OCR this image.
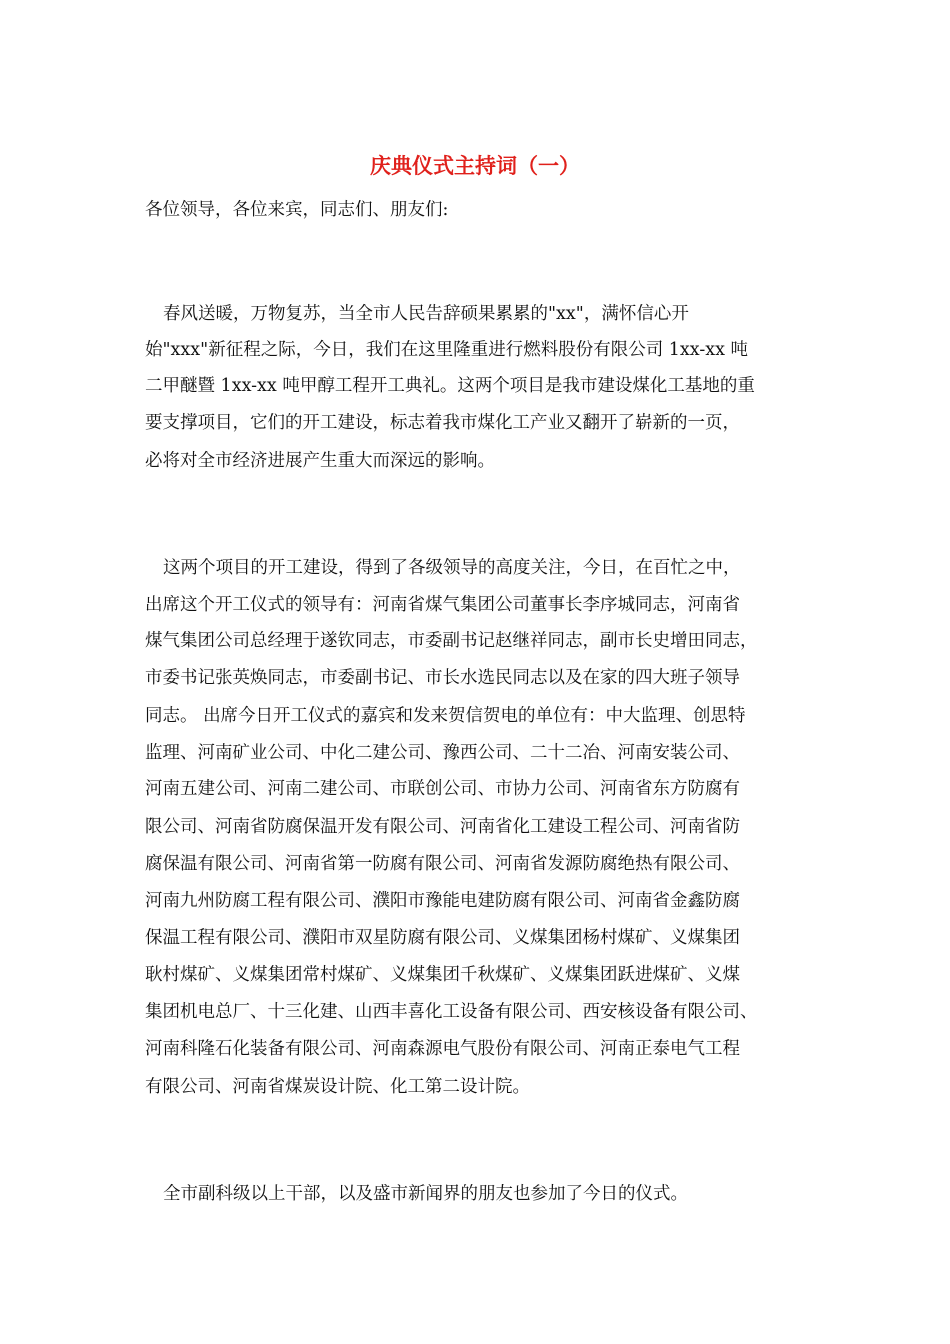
庆典仪式主持词（一）
各位领导，各位来宾，同志们、朋友们:
春风送暖，万物复苏，当全市人民告辞硕果累累的"xx"，满怀信心开
始"xxx"新征程之际，今日，我们在这里隆重进行燃料股份有限公司 1xx-xx 吨
二甲醚暨 1xx-xx 吨甲醇工程开工典礼。这两个项目是我市建设煤化工基地的重
要支撑项目，它们的开工建设，标志着我市煤化工产业又翻开了崭新的一页，
必将对全市经济进展产生重大而深远的影响。
这两个项目的开工建设，得到了各级领导的高度关注，今日，在百忙之中，
出席这个开工仪式的领导有：河南省煤气集团公司董事长李序城同志，河南省
煤气集团公司总经理于遂钦同志，市委副书记赵继祥同志，副市长史增田同志，
市委书记张英焕同志，市委副书记、市长水选民同志以及在家的四大班子领导
同志。 出席今日开工仪式的嘉宾和发来贺信贺电的单位有：中大监理、创思特
监理、河南矿业公司、中化二建公司、豫西公司、二十二冶、河南安装公司、
河南五建公司、河南二建公司、市联创公司、市协力公司、河南省东方防腐有
限公司、河南省防腐保温开发有限公司、河南省化工建设工程公司、河南省防
腐保温有限公司、河南省第一防腐有限公司、河南省发源防腐绝热有限公司、
河南九州防腐工程有限公司、濮阳市豫能电建防腐有限公司、河南省金鑫防腐
保温工程有限公司、濮阳市双星防腐有限公司、义煤集团杨村煤矿、义煤集团
耿村煤矿、义煤集团常村煤矿、义煤集团千秋煤矿、义煤集团跃进煤矿、义煤
集团机电总厂、十三化建、山西丰喜化工设备有限公司、西安核设备有限公司、
河南科隆石化装备有限公司、河南森源电气股份有限公司、河南正泰电气工程
有限公司、河南省煤炭设计院、化工第二设计院。
全市副科级以上干部，以及盛市新闻界的朋友也参加了今日的仪式。
